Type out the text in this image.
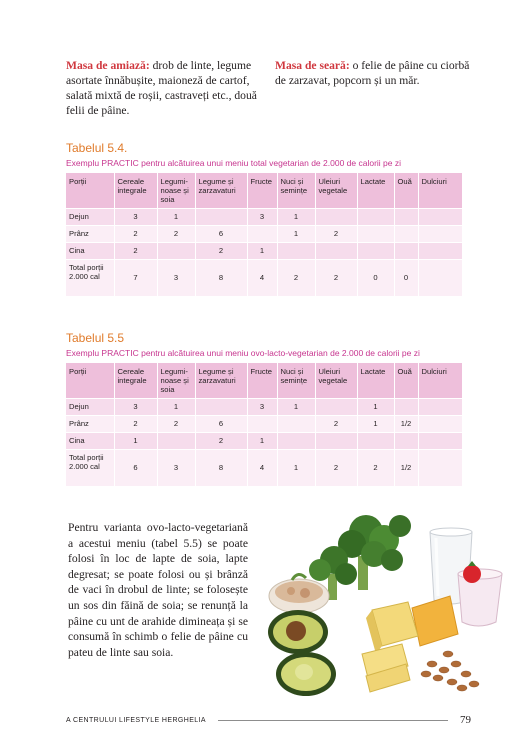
Masa de amiază: drob de linte, legume asortate înnăbușite, maioneză de cartof, salată mixtă de roșii, castraveți etc., două felii de pâine.

Masa de seară: o felie de pâine cu ciorbă de zarzavat, popcorn și un măr.

Tabelul 5.4.
Exemplu PRACTIC pentru alcătuirea unui meniu total vegetarian de 2.000 de calorii pe zi
Porții	Cereale integrale	Legumi- noase și soia	Legume și zarzavaturi	Fructe	Nuci și semințe	Uleiuri vegetale	Lactate	Ouă	Dulciuri
Dejun	3	1		3	1				
Prânz	2	2	6		1	2			
Cina	2		2	1					
Total porții 2.000 cal	7	3	8	4	2	2	0	0	
Tabelul 5.5
Exemplu PRACTIC pentru alcătuirea unui meniu ovo-lacto-vegetarian de 2.000 de calorii pe zi
Porții	Cereale integrale	Legumi- noase și soia	Legume și zarzavaturi	Fructe	Nuci și semințe	Uleiuri vegetale	Lactate	Ouă	Dulciuri
Dejun	3	1		3	1		1		
Prânz	2	2	6			2	1	1/2	
Cina	1		2	1					
Total porții 2.000 cal	6	3	8	4	1	2	2	1/2	

Pentru varianta ovo-lacto-vegetariană a acestui meniu (tabel 5.5) se poate folosi în loc de lapte de soia, lapte degresat; se poate folosi ou și brânză de vaci în drobul de linte; se folosește un sos din făină de soia; se renunță la pâine cu unt de arahide dimineața și se consumă în schimb o felie de pâine cu pateu de linte sau soia.

A CENTRULUI LIFESTYLE HERGHELIA	79
